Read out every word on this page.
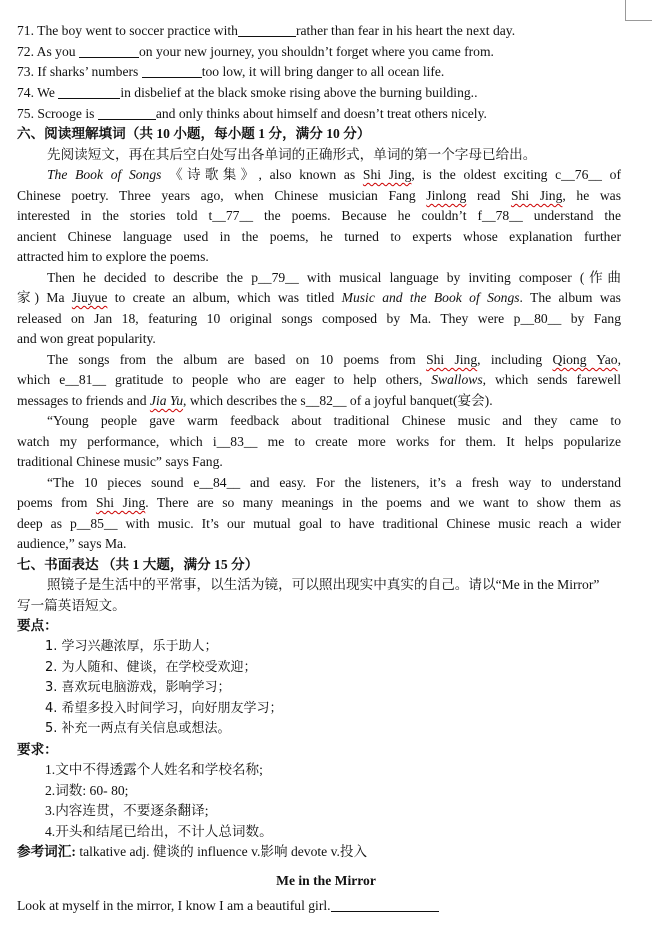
71. The boy went to soccer practice with	rather than fear in his heart the next day.
72. As you	on your new journey, you shouldn’t forget where you came from.
73. If sharks’ numbers	too low, it will bring danger to all ocean life.
74. We	in disbelief at the black smoke rising above the burning building..
75. Scrooge is	and only thinks about himself and doesn’t treat others nicely.
六、阅读理解填词（共 10 小题，每小题 1 分，满分 10 分）
先阅读短文，再在其后空白处写出各单词的正确形式，单词的第一个字母已给出。
The Book of Songs 《诗歌集》, also known as Shi Jing, is the oldest exciting c__76__ of
Chinese poetry. Three years ago, when Chinese musician Fang Jinlong read Shi Jing, he was
interested in the stories told t__77__ the poems. Because he couldn’t f__78__ understand the
ancient Chinese language used in the poems, he turned to experts whose explanation further
attracted him to explore the poems.
Then he decided to describe the p__79__ with musical language by inviting composer (作曲
家) Ma Jiuyue to create an album, which was titled Music and the Book of Songs. The album was
released on Jan 18, featuring 10 original songs composed by Ma. They were p__80__ by Fang
and won great popularity.
The songs from the album are based on 10 poems from Shi Jing, including Qiong Yao,
which e__81__ gratitude to people who are eager to help others, Swallows, which sends farewell
messages to friends and Jia Yu, which describes the s__82__ of a joyful banquet(宴会).
“Young people gave warm feedback about traditional Chinese music and they came to
watch my performance, which i__83__ me to create more works for them. It helps popularize
traditional Chinese music” says Fang.
“The 10 pieces sound e__84__ and easy. For the listeners, it’s a fresh way to understand
poems from Shi Jing. There are so many meanings in the poems and we want to show them as
deep as p__85__ with music. It’s our mutual goal to have traditional Chinese music reach a wider
audience,” says Ma.
七、书面表达 （共 1 大题，满分 15 分）
照镜子是生活中的平常事，以生活为镜，可以照出现实中真实的自己。请以“Me in the Mirror”
写一篇英语短文。
要点：
1. 学习兴趣浓厚，乐于助人；
2. 为人随和、健谈，在学校受欢迎；
3. 喜欢玩电脑游戏，影响学习；
4. 希望多投入时间学习，向好朋友学习；
5. 补充一两点有关信息或想法。
要求：
1.文中不得透露个人姓名和学校名称;
2.词数: 60- 80;
3.内容连贯，不要逐条翻译;
4.开头和结尾已给出，不计人总词数。
参考词汇: talkative adj. 健谈的 influence v.影响 devote v.投入
Me in the Mirror
Look at myself in the mirror, I know I am a beautiful girl.
